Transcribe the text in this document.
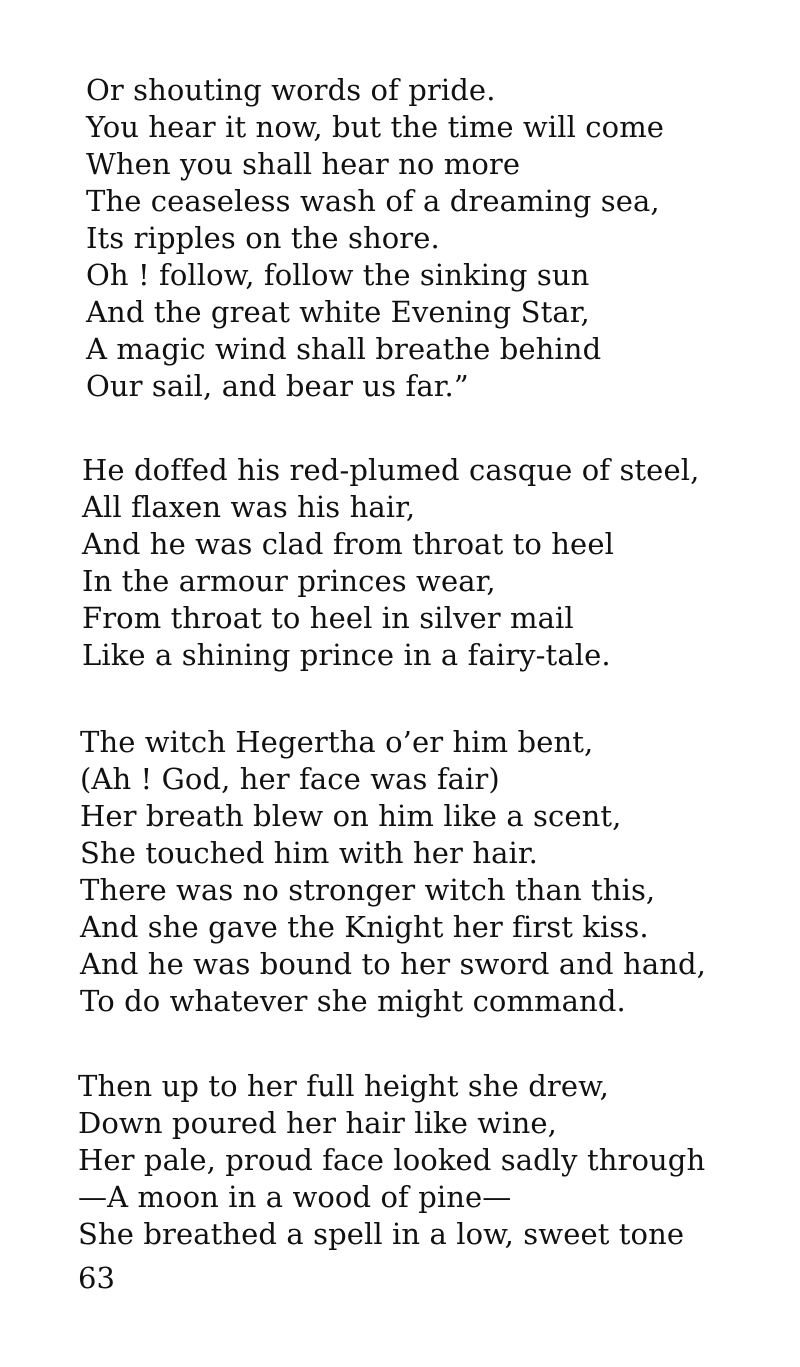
Or shouting words of pride.
You hear it now, but the time will come
When you shall hear no more
The ceaseless wash of a dreaming sea,
Its ripples on the shore.
Oh ! follow, follow the sinking sun
And the great white Evening Star,
A magic wind shall breathe behind
Our sail, and bear us far.”
He doffed his red-plumed casque of steel,
All flaxen was his hair,
And he was clad from throat to heel
In the armour princes wear,
From throat to heel in silver mail
Like a shining prince in a fairy-tale.
The witch Hegertha o’er him bent,
(Ah ! God, her face was fair)
Her breath blew on him like a scent,
She touched him with her hair.
There was no stronger witch than this,
And she gave the Knight her first kiss.
And he was bound to her sword and hand,
To do whatever she might command.
Then up to her full height she drew,
Down poured her hair like wine,
Her pale, proud face looked sadly through
—A moon in a wood of pine—
She breathed a spell in a low, sweet tone
63
